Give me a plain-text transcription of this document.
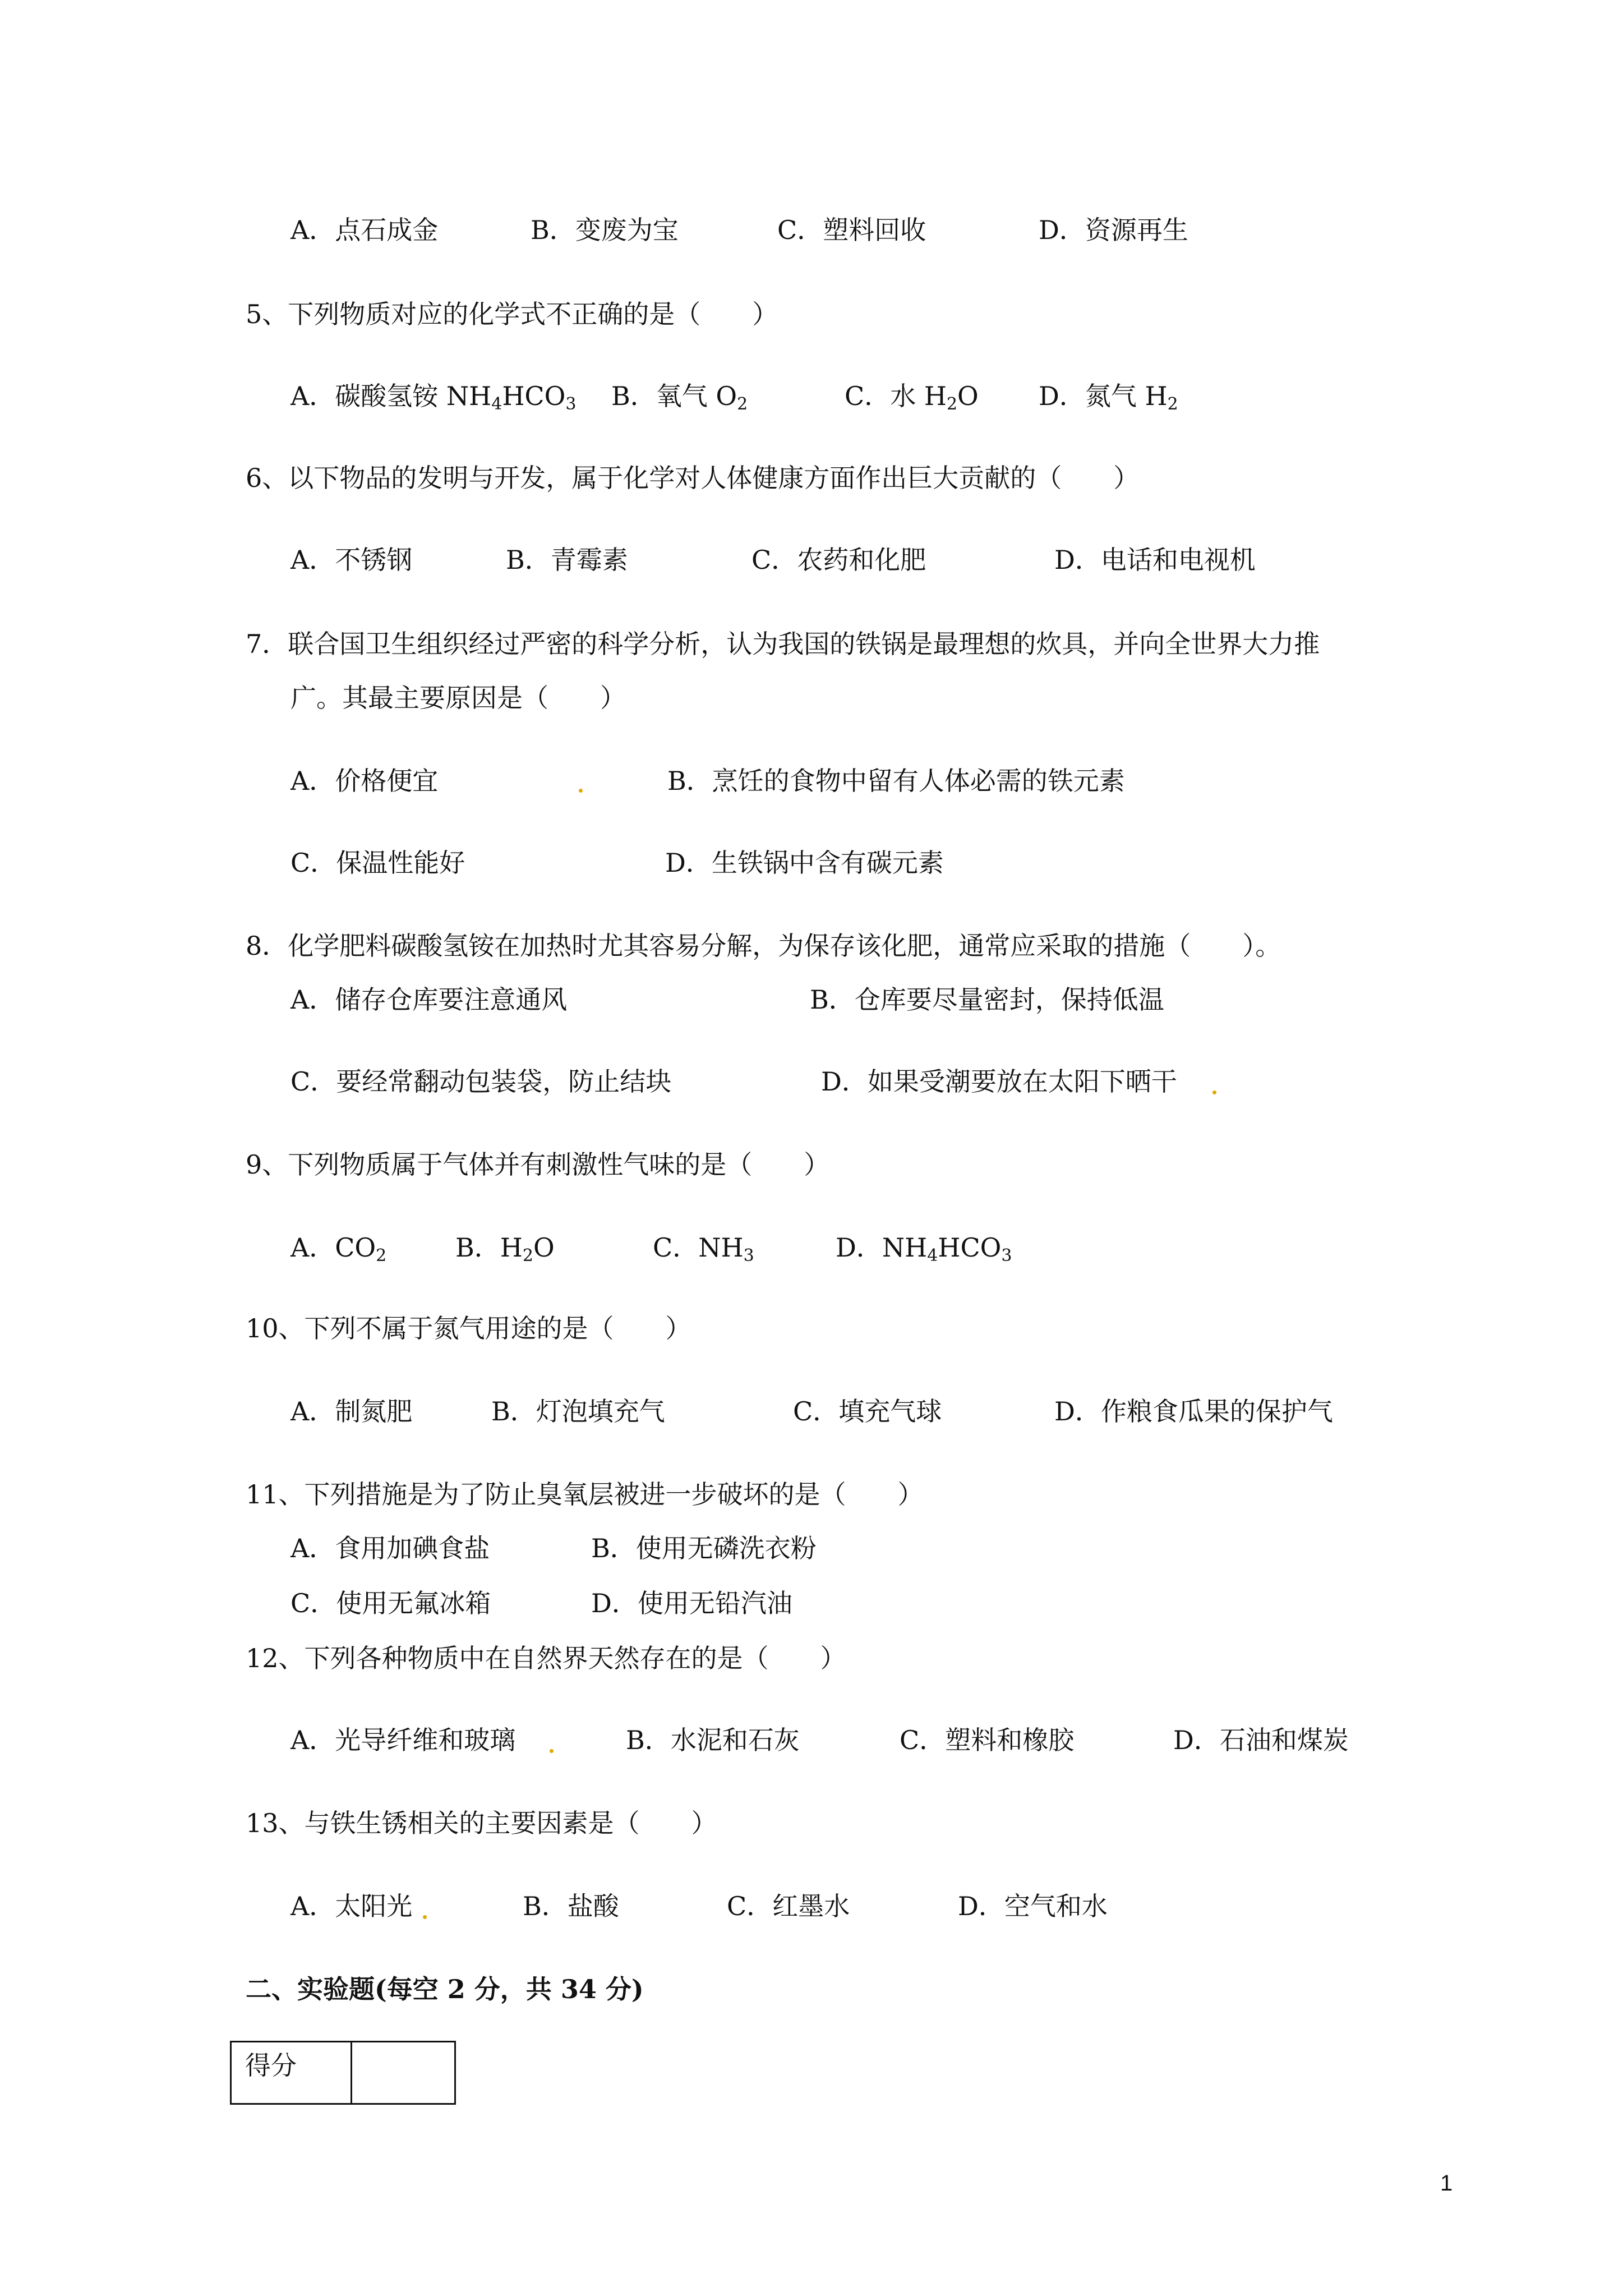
A．点石成金	B．变废为宝	C．塑料回收	D．资源再生
5、下列物质对应的化学式不正确的是（　　）
A．碳酸氢铵 $NH_4HCO_3$ B．氧气 $O_2$	C．水 $H_2O$ D．氮气 $H_2$
6、以下物品的发明与开发，属于化学对人体健康方面作出巨大贡献的（　　）
A．不锈钢	B．青霉素	C．农药和化肥	D．电话和电视机
7．联合国卫生组织经过严密的科学分析，认为我国的铁锅是最理想的炊具，并向全世界大力推
广。其最主要原因是（　　）
A．价格便宜	B．烹饪的食物中留有人体必需的铁元素
C．保温性能好	D．生铁锅中含有碳元素
8．化学肥料碳酸氢铵在加热时尤其容易分解，为保存该化肥，通常应采取的措施（　　）。
A．储存仓库要注意通风	B．仓库要尽量密封，保持低温
C．要经常翻动包装袋，防止结块	D．如果受潮要放在太阳下晒干
9、下列物质属于气体并有刺激性气味的是（　　）
A．$CO_2$	B．$H_2O$	C．$NH_3$	D．$NH_4HCO_3$
10、下列不属于氮气用途的是（　　）
A．制氮肥	B．灯泡填充气	C．填充气球	D．作粮食瓜果的保护气
11、下列措施是为了防止臭氧层被进一步破坏的是（　　）
A．食用加碘食盐	B．使用无磷洗衣粉
C．使用无氟冰箱	D．使用无铅汽油
12、下列各种物质中在自然界天然存在的是（　　）
A．光导纤维和玻璃	B．水泥和石灰	C．塑料和橡胶	D．石油和煤炭
13、与铁生锈相关的主要因素是（　　）
A．太阳光	B．盐酸	C．红墨水	D．空气和水
二、实验题(每空 2 分，共 34 分)
得分
1
